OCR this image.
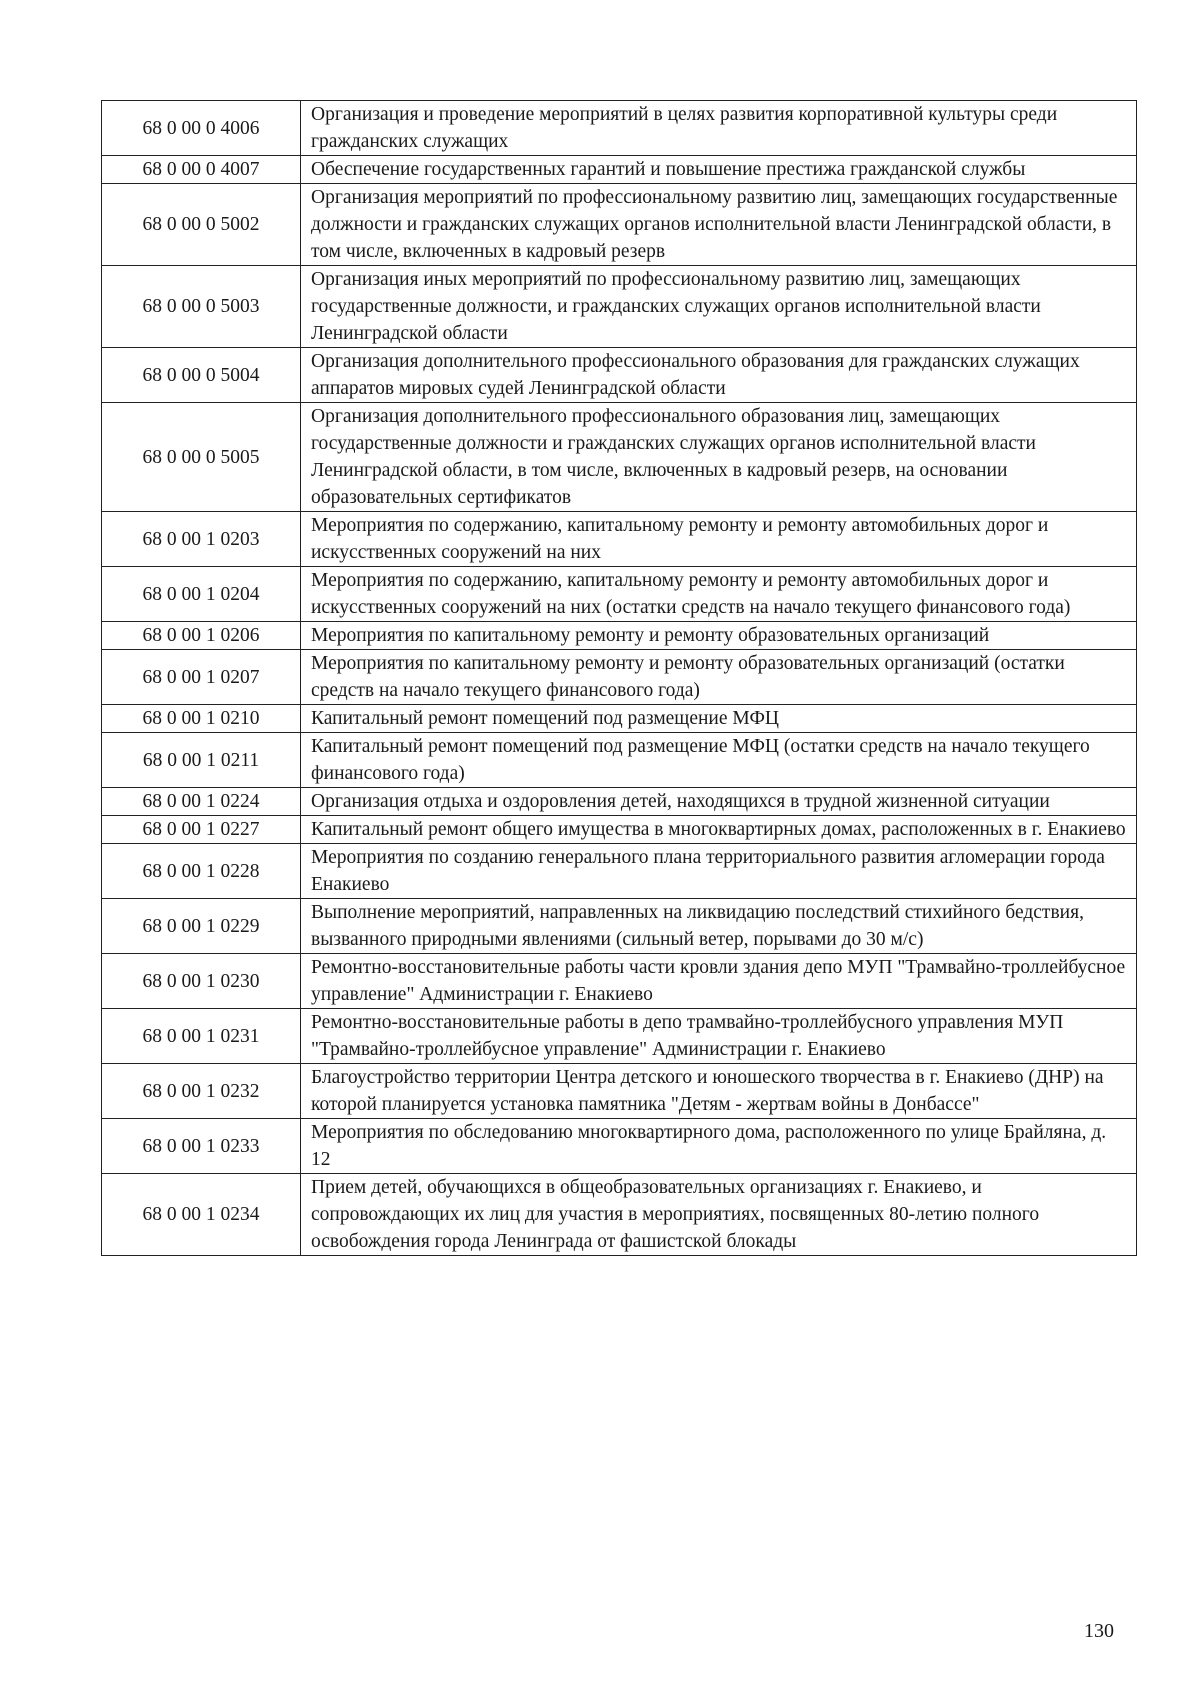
68 0 00 0 4006	Организация и проведение мероприятий в целях развития корпоративной культуры среди гражданских служащих
68 0 00 0 4007	Обеспечение государственных гарантий и повышение престижа гражданской службы
68 0 00 0 5002	Организация мероприятий по профессиональному развитию лиц, замещающих государственные должности и гражданских служащих органов исполнительной власти Ленинградской области, в том числе, включенных в кадровый резерв
68 0 00 0 5003	Организация иных мероприятий по профессиональному развитию лиц, замещающих государственные должности, и гражданских служащих органов исполнительной власти Ленинградской области
68 0 00 0 5004	Организация дополнительного профессионального образования для гражданских служащих аппаратов мировых судей Ленинградской области
68 0 00 0 5005	Организация дополнительного профессионального образования лиц, замещающих государственные должности и гражданских служащих органов исполнительной власти Ленинградской области, в том числе, включенных в кадровый резерв, на основании образовательных сертификатов
68 0 00 1 0203	Мероприятия по содержанию, капитальному ремонту и ремонту автомобильных дорог и искусственных сооружений на них
68 0 00 1 0204	Мероприятия по содержанию, капитальному ремонту и ремонту автомобильных дорог и искусственных сооружений на них (остатки средств на начало текущего финансового года)
68 0 00 1 0206	Мероприятия по капитальному ремонту и ремонту образовательных организаций
68 0 00 1 0207	Мероприятия по капитальному ремонту и ремонту образовательных организаций (остатки средств на начало текущего финансового года)
68 0 00 1 0210	Капитальный ремонт помещений под размещение МФЦ
68 0 00 1 0211	Капитальный ремонт помещений под размещение МФЦ (остатки средств на начало текущего финансового года)
68 0 00 1 0224	Организация отдыха и оздоровления детей, находящихся в трудной жизненной ситуации
68 0 00 1 0227	Капитальный ремонт общего имущества в многоквартирных домах, расположенных в г. Енакиево
68 0 00 1 0228	Мероприятия по созданию генерального плана территориального развития агломерации города Енакиево
68 0 00 1 0229	Выполнение мероприятий, направленных на ликвидацию последствий стихийного бедствия, вызванного природными явлениями (сильный ветер, порывами до 30 м/с)
68 0 00 1 0230	Ремонтно-восстановительные работы части кровли здания депо МУП "Трамвайно-троллейбусное управление" Администрации г. Енакиево
68 0 00 1 0231	Ремонтно-восстановительные работы в депо трамвайно-троллейбусного управления МУП "Трамвайно-троллейбусное управление" Администрации г. Енакиево
68 0 00 1 0232	Благоустройство территории Центра детского и юношеского творчества в г. Енакиево (ДНР) на которой планируется установка памятника "Детям - жертвам войны в Донбассе"
68 0 00 1 0233	Мероприятия по обследованию многоквартирного дома, расположенного по улице Брайляна, д. 12
68 0 00 1 0234	Прием детей, обучающихся в общеобразовательных организациях г. Енакиево, и сопровождающих их лиц для участия в мероприятиях, посвященных 80-летию полного освобождения города Ленинграда от фашистской блокады
130
